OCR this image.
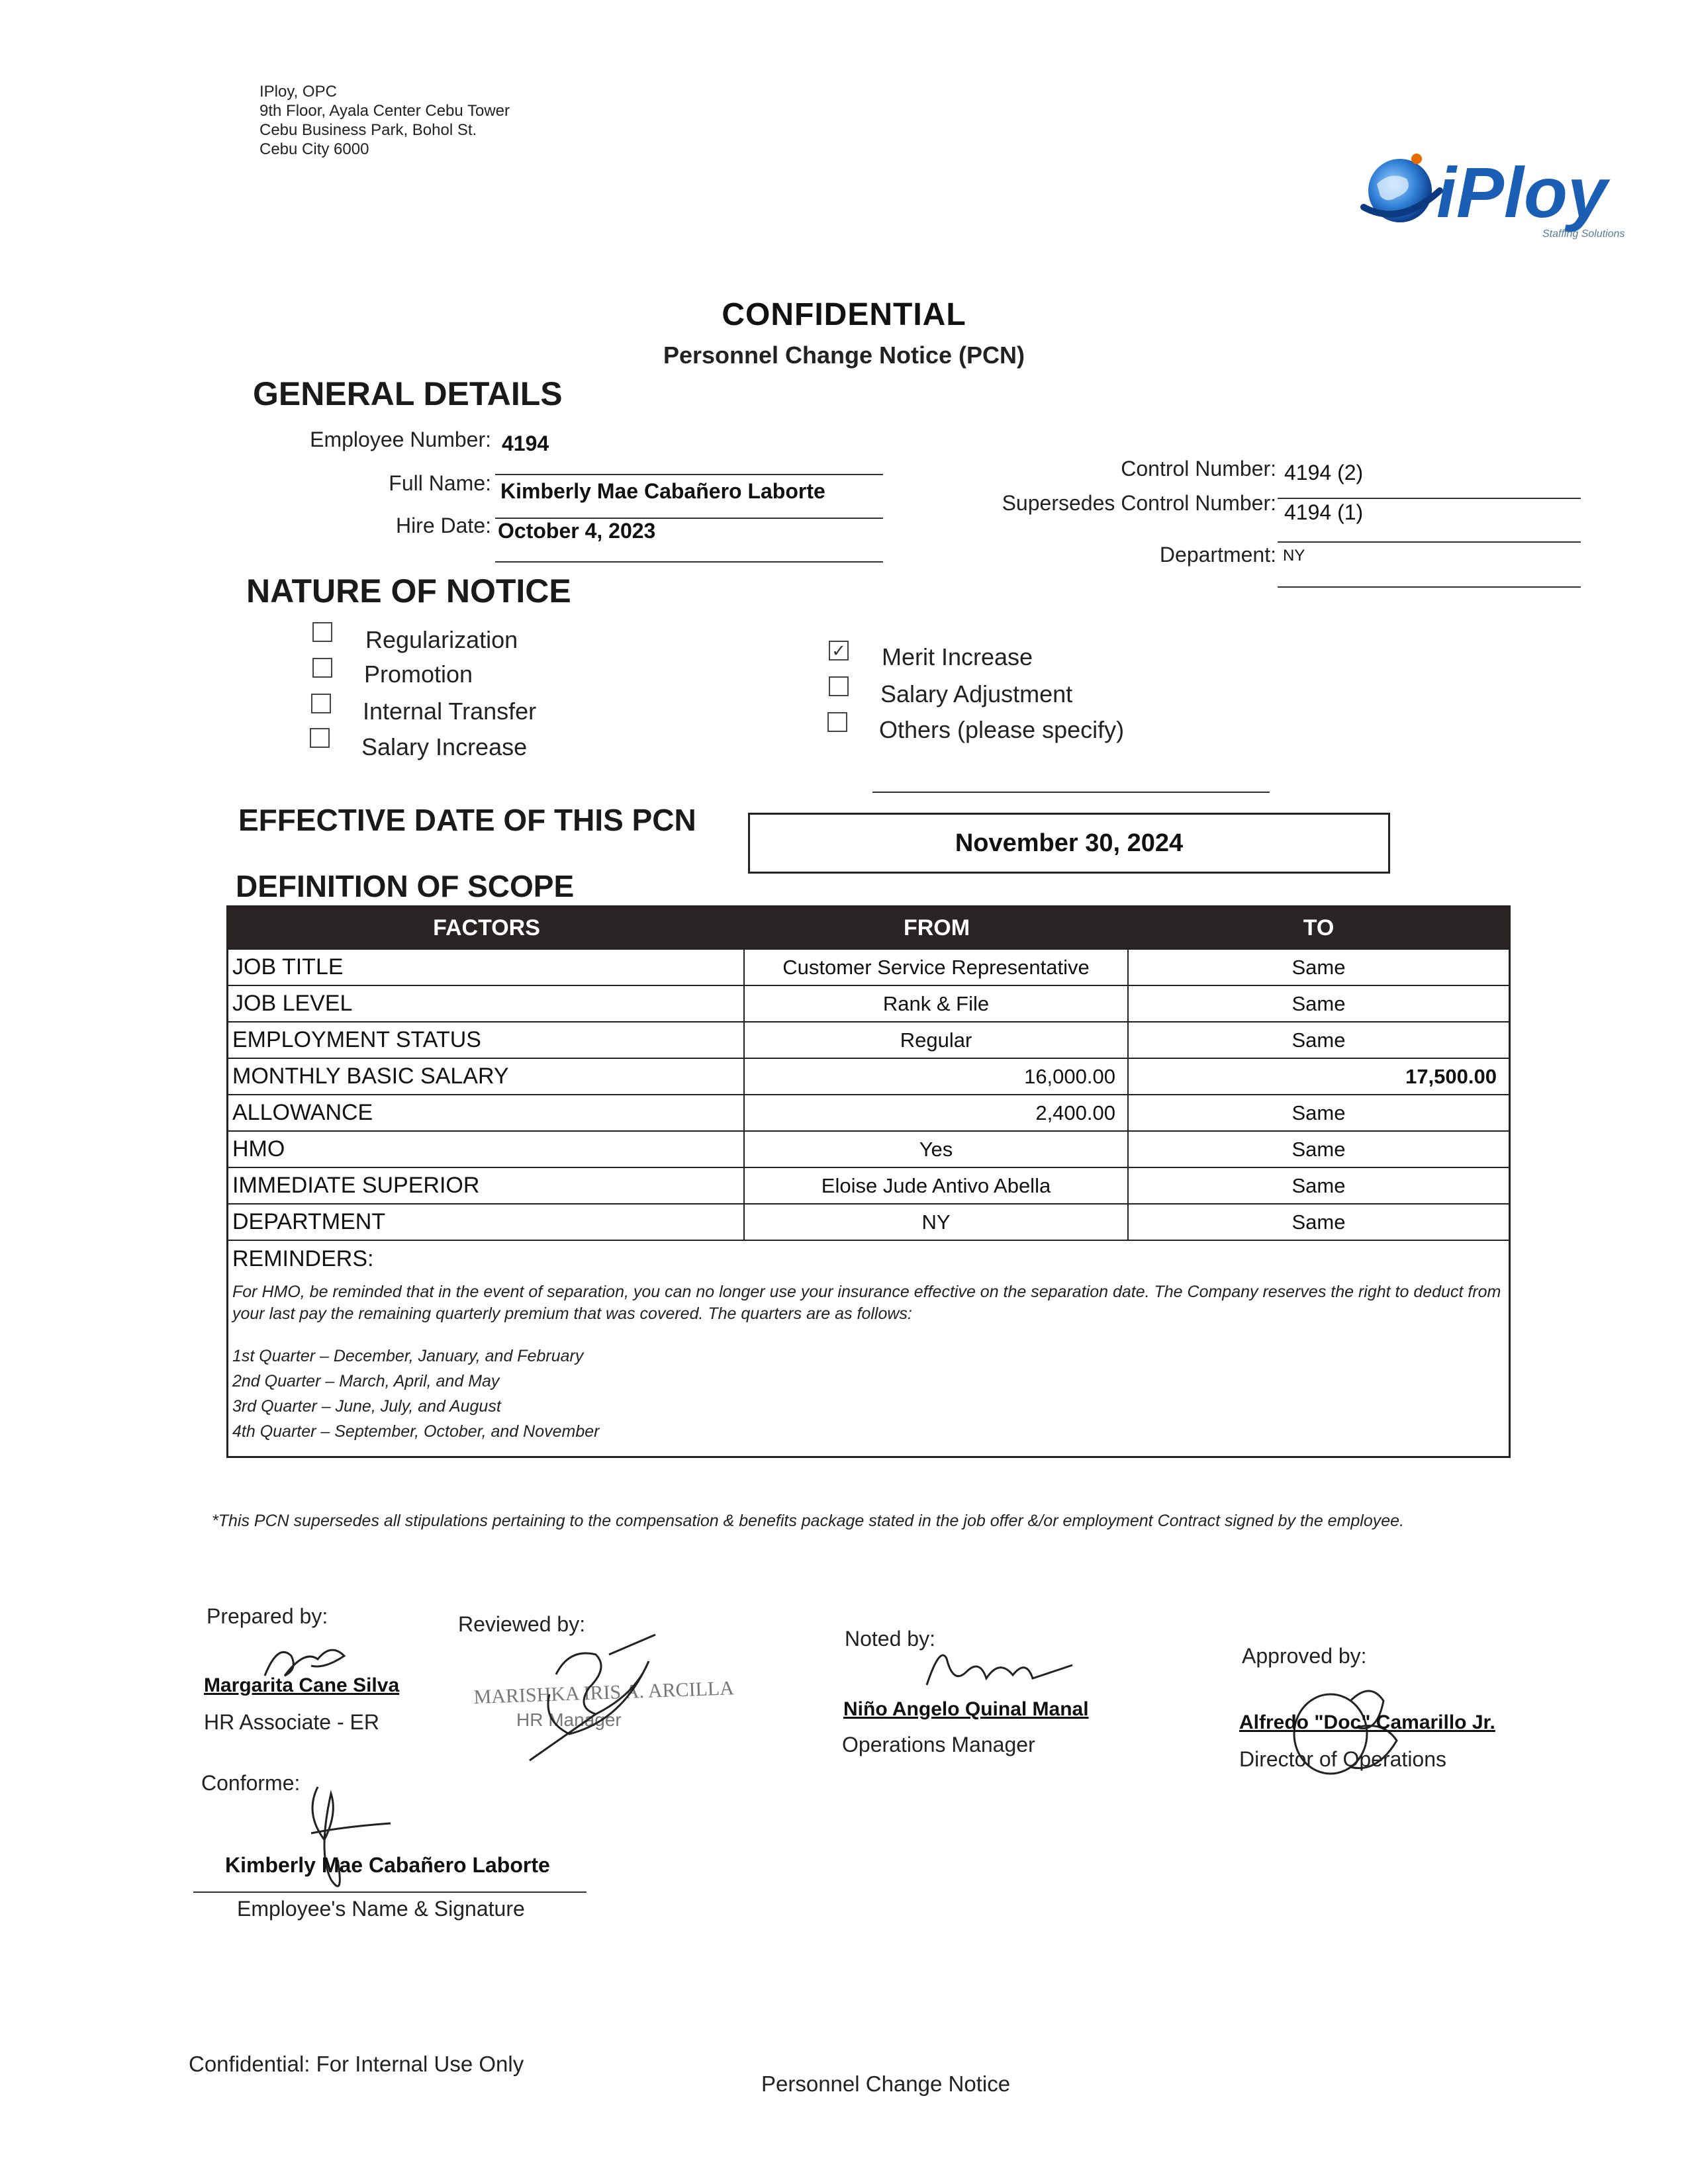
IPloy, OPC
9th Floor, Ayala Center Cebu Tower
Cebu Business Park, Bohol St.
Cebu City 6000
iPloy
Staffing Solutions
CONFIDENTIAL
Personnel Change Notice (PCN)
GENERAL DETAILS
Employee Number: 4194
Full Name: Kimberly Mae Cabañero Laborte
Hire Date: October 4, 2023
Control Number: 4194 (2)
Supersedes Control Number: 4194 (1)
Department: NY
NATURE OF NOTICE
Regularization
Promotion
Internal Transfer
Salary Increase
✓ Merit Increase
Salary Adjustment
Others (please specify)
EFFECTIVE DATE OF THIS PCN
November 30, 2024
DEFINITION OF SCOPE
FACTORS	FROM	TO
JOB TITLE	Customer Service Representative	Same
JOB LEVEL	Rank & File	Same
EMPLOYMENT STATUS	Regular	Same
MONTHLY BASIC SALARY	16,000.00	17,500.00
ALLOWANCE	2,400.00	Same
HMO	Yes	Same
IMMEDIATE SUPERIOR	Eloise Jude Antivo Abella	Same
DEPARTMENT	NY	Same
REMINDERS:
For HMO, be reminded that in the event of separation, you can no longer use your insurance effective on the separation date. The Company reserves the right to deduct from your last pay the remaining quarterly premium that was covered. The quarters are as follows:
1st Quarter – December, January, and February
2nd Quarter – March, April, and May
3rd Quarter – June, July, and August
4th Quarter – September, October, and November
*This PCN supersedes all stipulations pertaining to the compensation & benefits package stated in the job offer &/or employment Contract signed by the employee.
Prepared by:
Margarita Cane Silva
HR Associate - ER
Reviewed by:
MARISHKA IRIS A. ARCILLA
HR Manager
Noted by:
Niño Angelo Quinal Manal
Operations Manager
Approved by:
Alfredo "Doc" Camarillo Jr.
Director of Operations
Conforme:
Kimberly Mae Cabañero Laborte
Employee's Name & Signature
Confidential: For Internal Use Only
Personnel Change Notice
